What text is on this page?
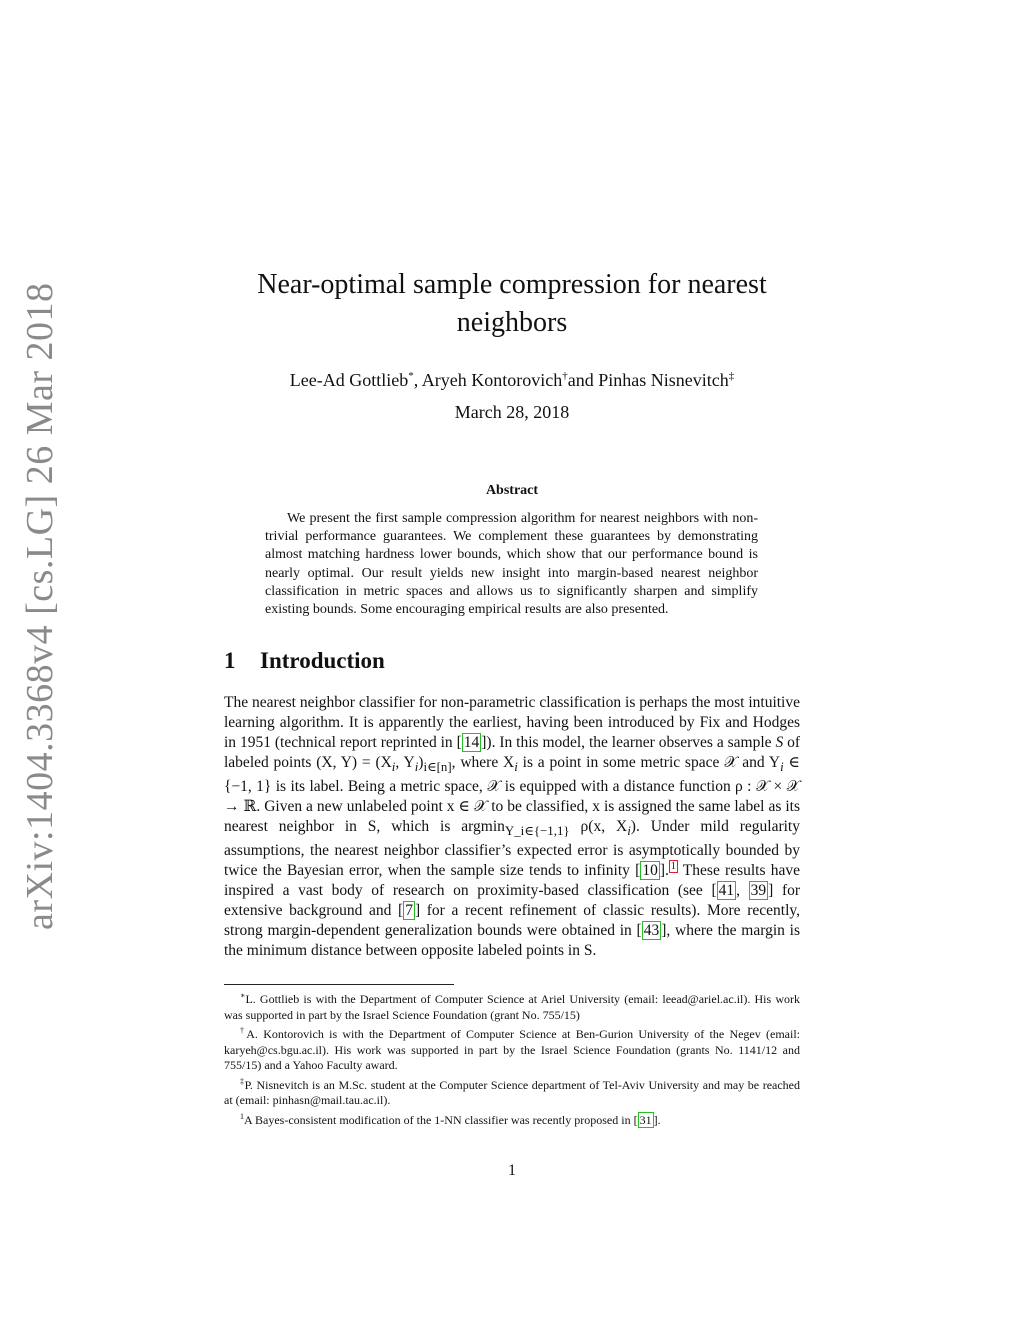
arXiv:1404.3368v4 [cs.LG] 26 Mar 2018	Near-optimal sample compression for nearest neighbors
Lee-Ad Gottlieb*, Aryeh Kontorovich†and Pinhas Nisnevitch‡
March 28, 2018
Abstract
We present the first sample compression algorithm for nearest neighbors with non-trivial performance guarantees. We complement these guarantees by demonstrating almost matching hardness lower bounds, which show that our performance bound is nearly optimal. Our result yields new insight into margin-based nearest neighbor classification in metric spaces and allows us to significantly sharpen and simplify existing bounds. Some encouraging empirical results are also presented.
1 Introduction
The nearest neighbor classifier for non-parametric classification is perhaps the most intuitive learning algorithm. It is apparently the earliest, having been introduced by Fix and Hodges in 1951 (technical report reprinted in [ 14 ]). In this model, the learner observes a sample S of labeled points (X, $Y) = (X_i$, $Y_i)_{i\in[n]}$, where $X_i$ is a point in some metric space 𝒳 and $Y_i$ ∈ {−1, 1} is its label. Being a metric space, 𝒳 is equipped with a distance function ρ : 𝒳 × 𝒳 → ℝ. Given a new unlabeled point x ∈ 𝒳 to be classified, x is assigned the same label as its nearest neighbor in S, which is argmin$_{Y\_i\in\{-1,1\}}$ ρ(x, $X_i$). Under mild regularity assumptions, the nearest neighbor classifier’s expected error is asymptotically bounded by twice the Bayesian error, when the sample size tends to infinity [ 10 ]. $^1$ These results have inspired a vast body of research on proximity-based classification (see [ 41 , 39 ] for extensive background and [ 7 ] for a recent refinement of classic results). More recently, strong margin-dependent generalization bounds were obtained in [ 43 ], where the margin is the minimum distance between opposite labeled points in S.

∗L. Gottlieb is with the Department of Computer Science at Ariel University (email: leead@ariel.ac.il). His work was supported in part by the Israel Science Foundation (grant No. 755/15)

†A. Kontorovich is with the Department of Computer Science at Ben-Gurion University of the Negev (email: karyeh@cs.bgu.ac.il). His work was supported in part by the Israel Science Foundation (grants No. 1141/12 and 755/15) and a Yahoo Faculty award.

‡P. Nisnevitch is an M.Sc. student at the Computer Science department of Tel-Aviv University and may be reached at (email: pinhasn@mail.tau.ac.il).

$^1$A Bayes-consistent modification of the 1-NN classifier was recently proposed in [ 31 ].

1
